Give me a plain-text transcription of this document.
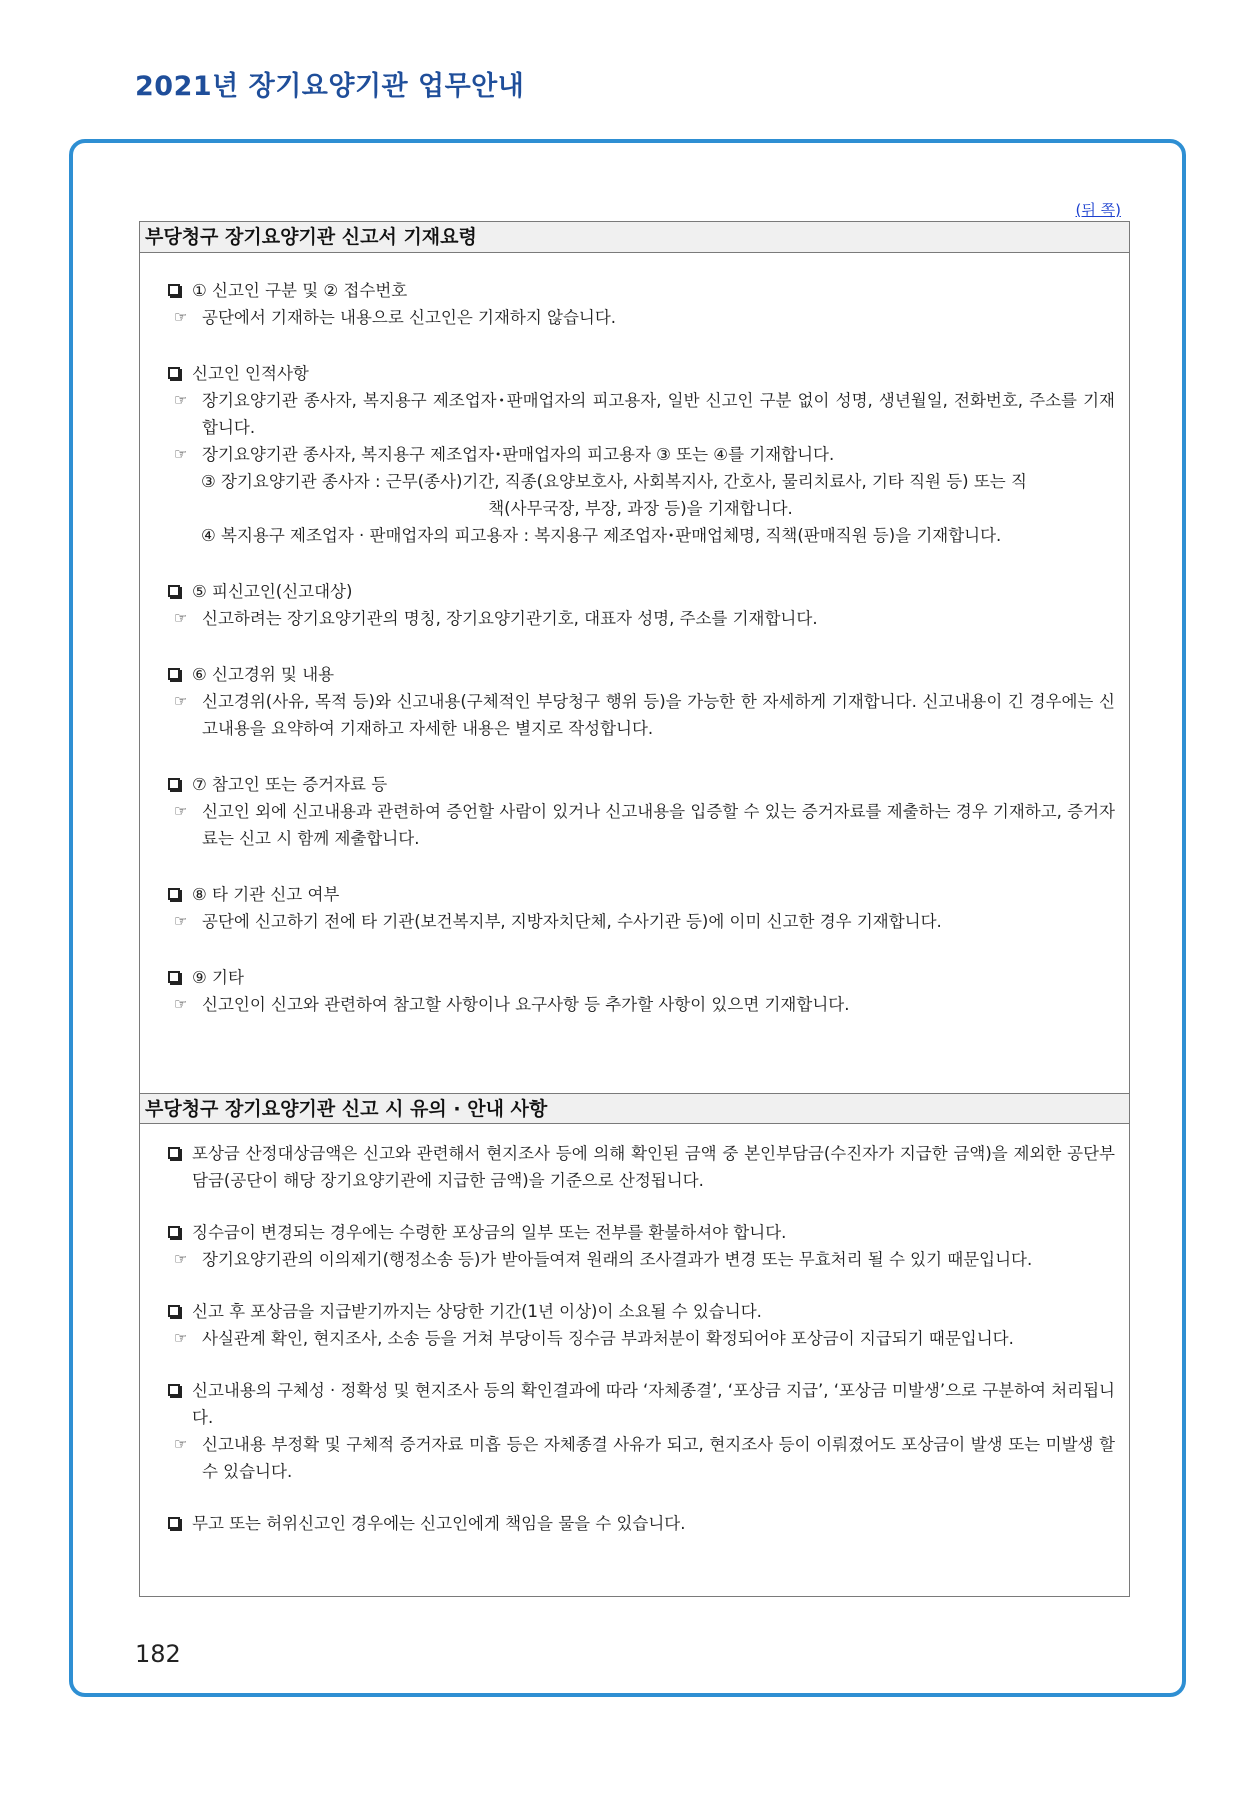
2021년 장기요양기관 업무안내
(뒤 쪽)
부당청구 장기요양기관 신고서 기재요령
① 신고인 구분 및 ② 접수번호
☞ 공단에서 기재하는 내용으로 신고인은 기재하지 않습니다.
신고인 인적사항
☞ 장기요양기관 종사자, 복지용구 제조업자･판매업자의 피고용자, 일반 신고인 구분 없이 성명, 생년월일, 전화번호, 주소를 기재합니다.
☞ 장기요양기관 종사자, 복지용구 제조업자･판매업자의 피고용자 ③ 또는 ④를 기재합니다.
③ 장기요양기관 종사자 : 근무(종사)기간, 직종(요양보호사, 사회복지사, 간호사, 물리치료사, 기타 직원 등) 또는 직
책(사무국장, 부장, 과장 등)을 기재합니다.
④ 복지용구 제조업자 · 판매업자의 피고용자 : 복지용구 제조업자･판매업체명, 직책(판매직원 등)을 기재합니다.
⑤ 피신고인(신고대상)
☞ 신고하려는 장기요양기관의 명칭, 장기요양기관기호, 대표자 성명, 주소를 기재합니다.
⑥ 신고경위 및 내용
☞ 신고경위(사유, 목적 등)와 신고내용(구체적인 부당청구 행위 등)을 가능한 한 자세하게 기재합니다. 신고내용이 긴 경우에는 신고내용을 요약하여 기재하고 자세한 내용은 별지로 작성합니다.
⑦ 참고인 또는 증거자료 등
☞ 신고인 외에 신고내용과 관련하여 증언할 사람이 있거나 신고내용을 입증할 수 있는 증거자료를 제출하는 경우 기재하고, 증거자료는 신고 시 함께 제출합니다.
⑧ 타 기관 신고 여부
☞ 공단에 신고하기 전에 타 기관(보건복지부, 지방자치단체, 수사기관 등)에 이미 신고한 경우 기재합니다.
⑨ 기타
☞ 신고인이 신고와 관련하여 참고할 사항이나 요구사항 등 추가할 사항이 있으면 기재합니다.
부당청구 장기요양기관 신고 시 유의 · 안내 사항
포상금 산정대상금액은 신고와 관련해서 현지조사 등에 의해 확인된 금액 중 본인부담금(수진자가 지급한 금액)을 제외한 공단부담금(공단이 해당 장기요양기관에 지급한 금액)을 기준으로 산정됩니다.
징수금이 변경되는 경우에는 수령한 포상금의 일부 또는 전부를 환불하셔야 합니다.
☞ 장기요양기관의 이의제기(행정소송 등)가 받아들여져 원래의 조사결과가 변경 또는 무효처리 될 수 있기 때문입니다.
신고 후 포상금을 지급받기까지는 상당한 기간(1년 이상)이 소요될 수 있습니다.
☞ 사실관계 확인, 현지조사, 소송 등을 거쳐 부당이득 징수금 부과처분이 확정되어야 포상금이 지급되기 때문입니다.
신고내용의 구체성 · 정확성 및 현지조사 등의 확인결과에 따라 ‘자체종결’, ‘포상금 지급’, ‘포상금 미발생’으로 구분하여 처리됩니다.
☞ 신고내용 부정확 및 구체적 증거자료 미흡 등은 자체종결 사유가 되고, 현지조사 등이 이뤄졌어도 포상금이 발생 또는 미발생 할 수 있습니다.
무고 또는 허위신고인 경우에는 신고인에게 책임을 물을 수 있습니다.
182
